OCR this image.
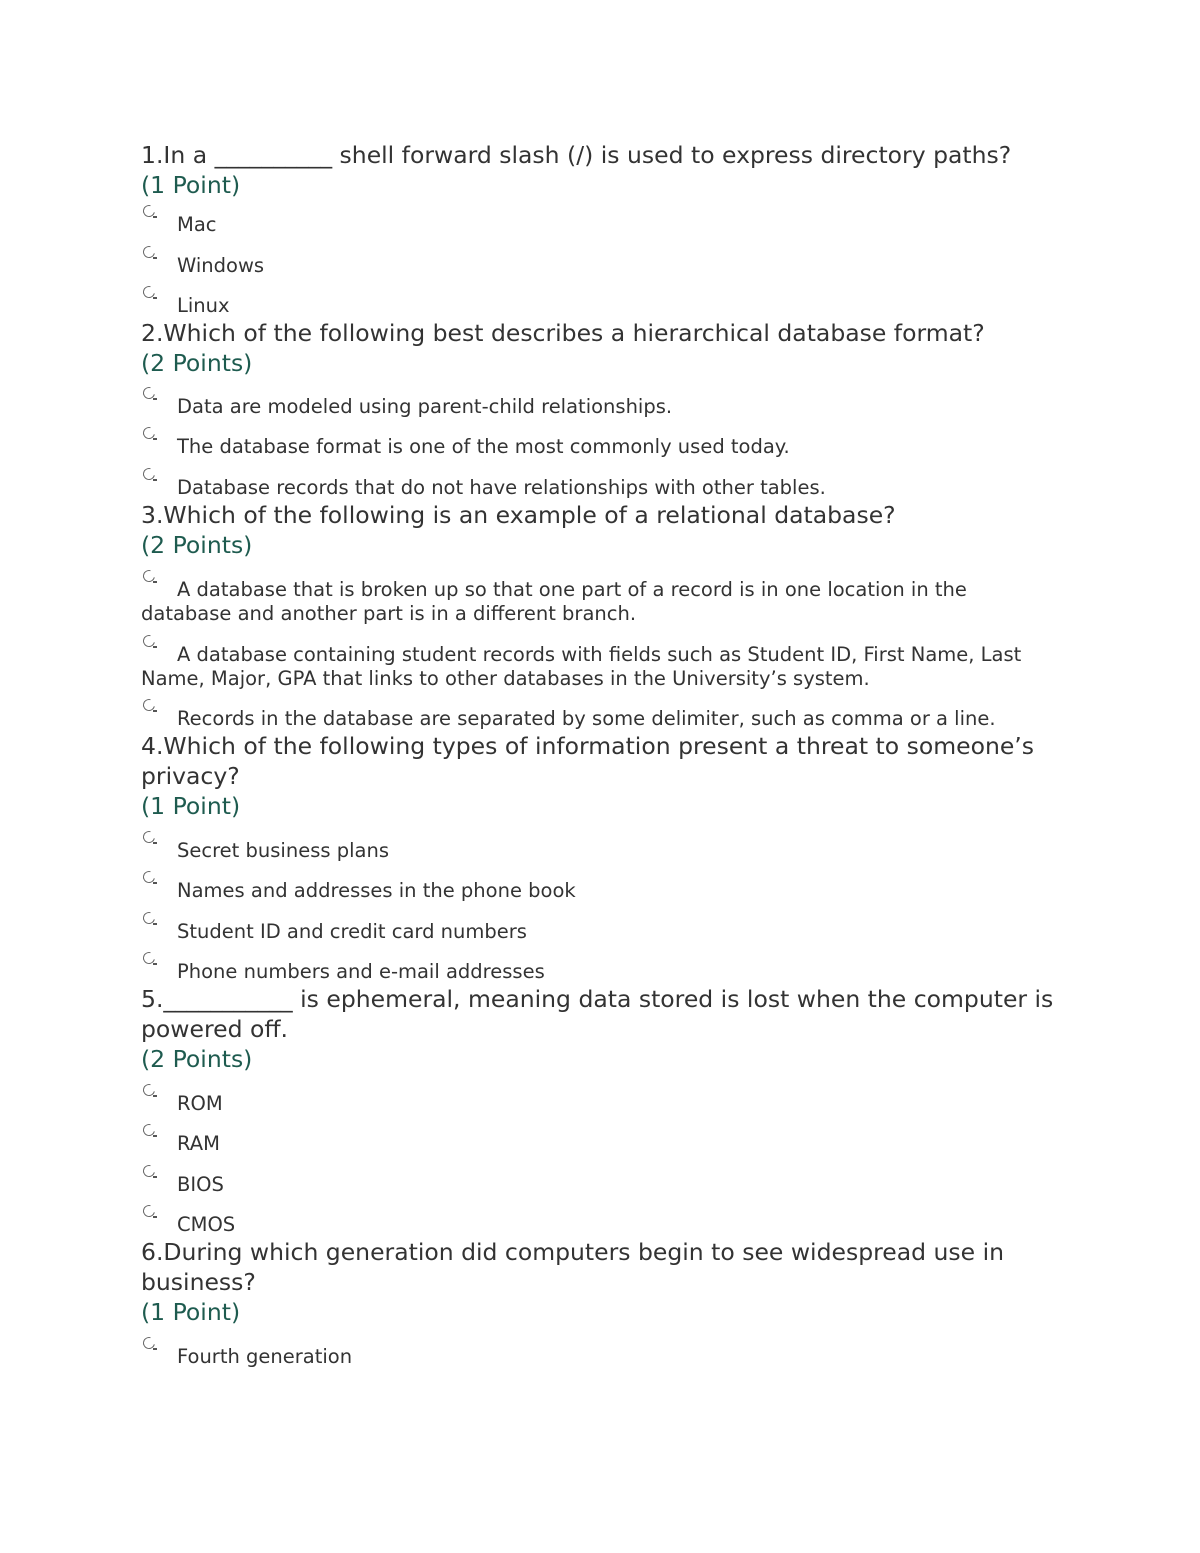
1.In a __________ shell forward slash (/) is used to express directory paths?
(1 Point)
Mac
Windows
Linux
2.Which of the following best describes a hierarchical database format?
(2 Points)
Data are modeled using parent-child relationships.
The database format is one of the most commonly used today.
Database records that do not have relationships with other tables.
3.Which of the following is an example of a relational database?
(2 Points)
A database that is broken up so that one part of a record is in one location in the database and another part is in a different branch.
A database containing student records with fields such as Student ID, First Name, Last Name, Major, GPA that links to other databases in the University’s system.
Records in the database are separated by some delimiter, such as comma or a line.
4.Which of the following types of information present a threat to someone’s privacy?
(1 Point)
Secret business plans
Names and addresses in the phone book
Student ID and credit card numbers
Phone numbers and e-mail addresses
5.___________ is ephemeral, meaning data stored is lost when the computer is powered off.
(2 Points)
ROM
RAM
BIOS
CMOS
6.During which generation did computers begin to see widespread use in business?
(1 Point)
Fourth generation
